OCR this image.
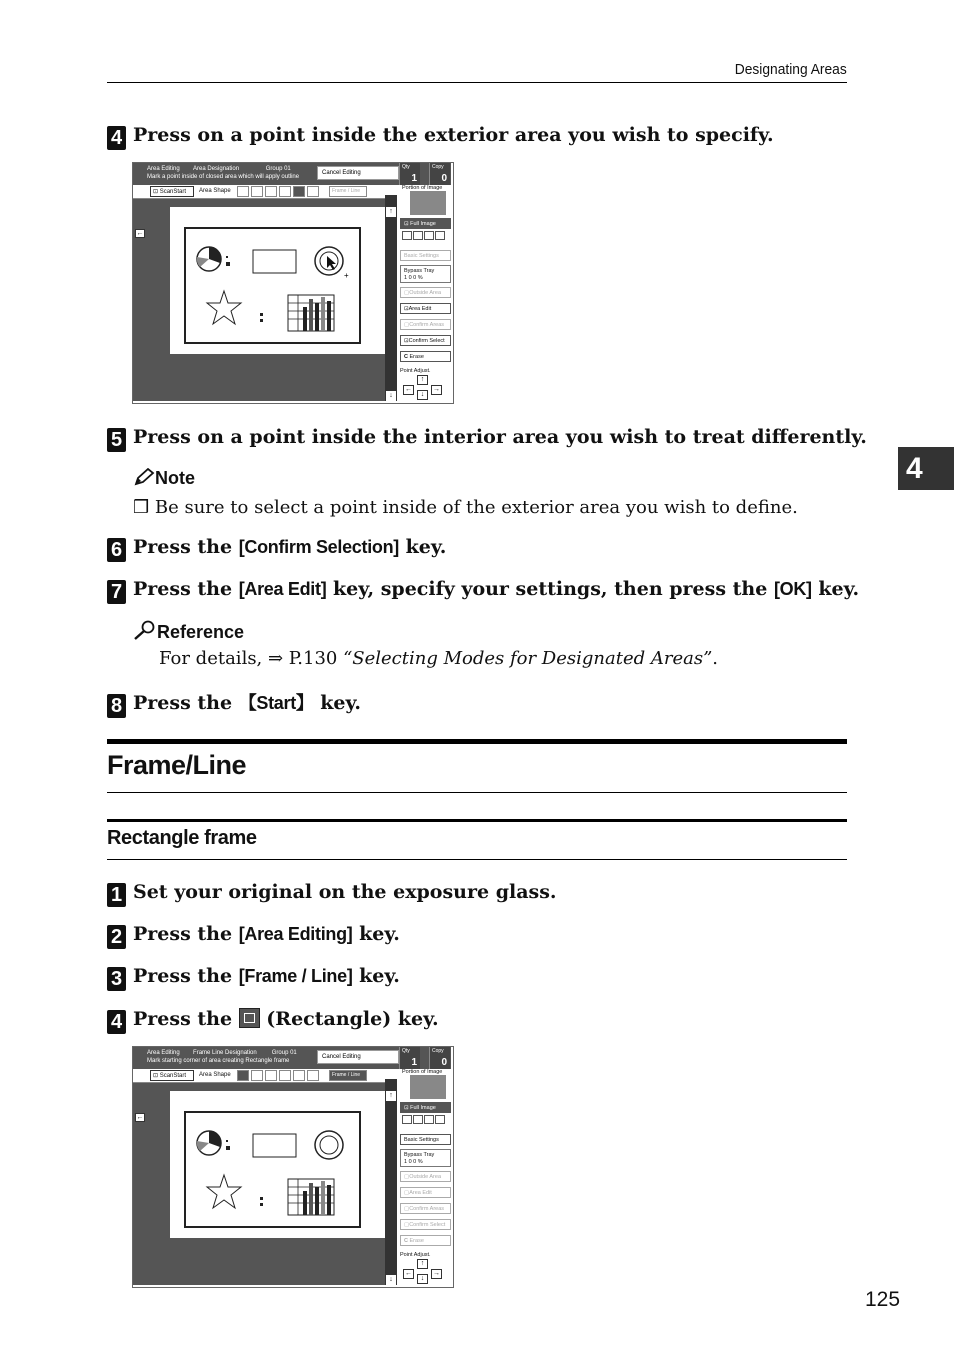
Designating Areas
4 Press on a point inside the exterior area you wish to specify.
Area Editing Area Designation	Group 01
Mark a point inside of closed area which will apply outline
Cancel Editing
Qty
1
Copy
0
⊡ ScanStart	Area Shape	Frame / Line
←
+
↑
↓
Portion of Image
⊡ Full Image
Basic Settings
Bypass Tray
1 0 0 %
▢Outside Area
⊡Area Edit
▢Confirm Areas
⊡Confirm Select
C Erase
Point Adjust.
↑
←	→
↓
5 Press on a point inside the interior area you wish to treat differently.
4
Note
❒ Be sure to select a point inside of the exterior area you wish to define.
6 Press the [Confirm Selection] key.
7 Press the [Area Edit] key, specify your settings, then press the [OK] key.
Reference
For details, ⇒ P.130 “Selecting Modes for Designated Areas”.
8 Press the 【Start】 key.
Frame/Line
Rectangle frame
1 Set your original on the exposure glass.
2 Press the [Area Editing] key.
3 Press the [Frame / Line] key.
4 Press the
(Rectangle) key.
Area Editing Frame Line Designation	Group 01
Mark starting corner of area creating Rectangle frame
Cancel Editing
Qty
1
Copy
0
⊡ ScanStart	Area Shape	Frame / Line
←
↑
↓
Portion of Image
⊡ Full Image
Basic Settings
Bypass Tray
1 0 0 %
▢Outside Area
▢Area Edit
▢Confirm Areas
▢Confirm Select
C Erase
Point Adjust.
↑
←	→
↓
125
